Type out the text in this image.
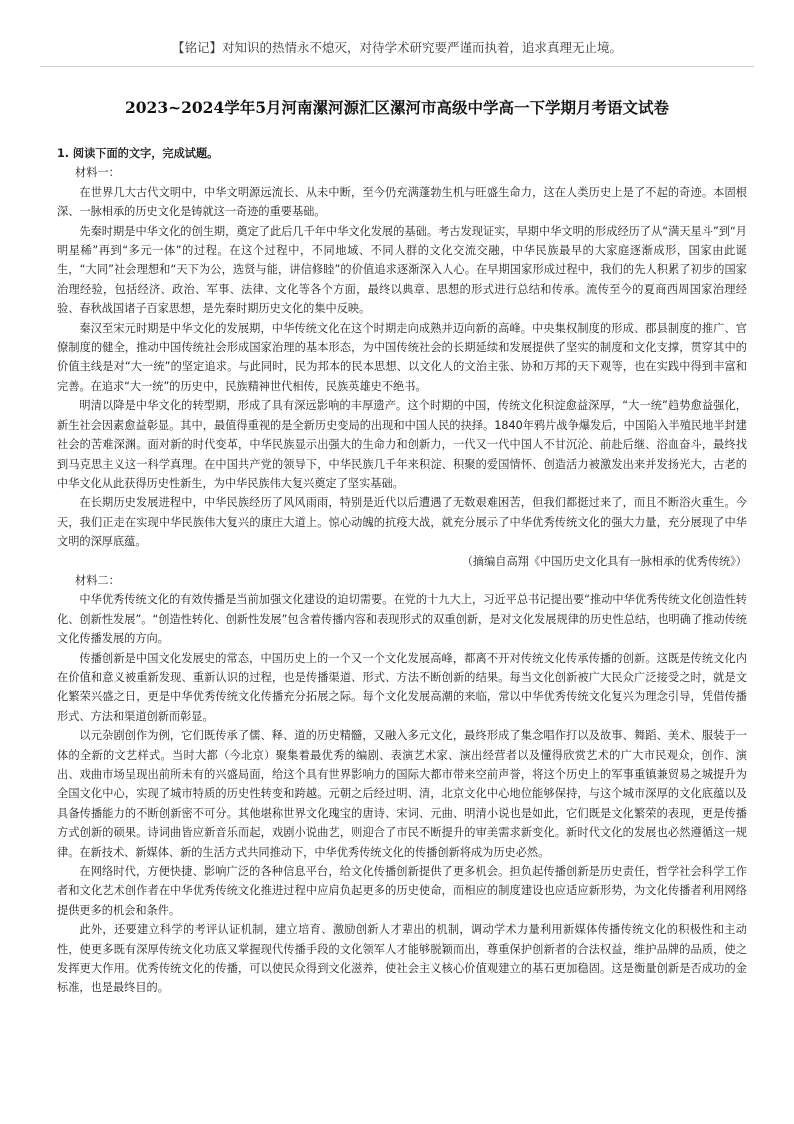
【铭记】对知识的热情永不熄灭，对待学术研究要严谨而执着，追求真理无止境。
2023~2024学年5月河南漯河源汇区漯河市高级中学高一下学期月考语文试卷

1. 阅读下面的文字，完成试题。

材料一：

在世界几大古代文明中，中华文明源远流长、从未中断，至今仍充满蓬勃生机与旺盛生命力，这在人类历史上是了不起的奇迹。本固根深、一脉相承的历史文化是铸就这一奇迹的重要基础。

先秦时期是中华文化的创生期，奠定了此后几千年中华文化发展的基础。考古发现证实，早期中华文明的形成经历了从“满天星斗”到“月明星稀”再到“多元一体”的过程。在这个过程中，不同地域、不同人群的文化交流交融，中华民族最早的大家庭逐渐成形，国家由此诞生，“大同”社会理想和“天下为公，选贤与能，讲信修睦”的价值追求逐渐深入人心。在早期国家形成过程中，我们的先人积累了初步的国家治理经验，包括经济、政治、军事、法律、文化等各个方面，最终以典章、思想的形式进行总结和传承。流传至今的夏商西周国家治理经验、春秋战国诸子百家思想，是先秦时期历史文化的集中反映。

秦汉至宋元时期是中华文化的发展期，中华传统文化在这个时期走向成熟并迈向新的高峰。中央集权制度的形成、郡县制度的推广、官僚制度的健全，推动中国传统社会形成国家治理的基本形态，为中国传统社会的长期延续和发展提供了坚实的制度和文化支撑，贯穿其中的价值主线是对“大一统”的坚定追求。与此同时，民为邦本的民本思想、以文化人的文治主张、协和万邦的天下观等，也在实践中得到丰富和完善。在追求“大一统”的历史中，民族精神世代相传，民族英雄史不绝书。

明清以降是中华文化的转型期，形成了具有深远影响的丰厚遗产。这个时期的中国，传统文化积淀愈益深厚，“大一统”趋势愈益强化，新生社会因素愈益彰显。其中，最值得重视的是全新历史变局的出现和中国人民的抉择。1840年鸦片战争爆发后，中国陷入半殖民地半封建社会的苦难深渊。面对新的时代变革，中华民族显示出强大的生命力和创新力，一代又一代中国人不甘沉沦、前赴后继、浴血奋斗，最终找到马克思主义这一科学真理。在中国共产党的领导下，中华民族几千年来积淀、积聚的爱国情怀、创造活力被激发出来并发扬光大，古老的中华文化从此获得历史性新生，为中华民族伟大复兴奠定了坚实基础。

在长期历史发展进程中，中华民族经历了风风雨雨，特别是近代以后遭遇了无数艰难困苦，但我们都挺过来了，而且不断浴火重生。今天，我们正走在实现中华民族伟大复兴的康庄大道上。惊心动魄的抗疫大战，就充分展示了中华优秀传统文化的强大力量，充分展现了中华文明的深厚底蕴。

（摘编自高翔《中国历史文化具有一脉相承的优秀传统》）

材料二：

中华优秀传统文化的有效传播是当前加强文化建设的迫切需要。在党的十九大上，习近平总书记提出要“推动中华优秀传统文化创造性转化、创新性发展”。“创造性转化、创新性发展”包含着传播内容和表现形式的双重创新，是对文化发展规律的历史性总结，也明确了推动传统文化传播发展的方向。

传播创新是中国文化发展史的常态，中国历史上的一个又一个文化发展高峰，都离不开对传统文化传承传播的创新。这既是传统文化内在价值和意义被重新发现、重新认识的过程，也是传播渠道、形式、方法不断创新的结果。每当文化创新被广大民众广泛接受之时，就是文化繁荣兴盛之日，更是中华优秀传统文化传播充分拓展之际。每个文化发展高潮的来临，常以中华优秀传统文化复兴为理念引导，凭借传播形式、方法和渠道创新而彰显。

以元杂剧创作为例，它们既传承了儒、释、道的历史精髓，又融入多元文化，最终形成了集念唱作打以及故事、舞蹈、美术、服装于一体的全新的文艺样式。当时大都（今北京）聚集着最优秀的编剧、表演艺术家、演出经营者以及懂得欣赏艺术的广大市民观众，创作、演出、戏曲市场呈现出前所未有的兴盛局面，给这个具有世界影响力的国际大都市带来空前声誉，将这个历史上的军事重镇兼贸易之城提升为全国文化中心，实现了城市特质的历史性转变和跨越。元朝之后经过明、清，北京文化中心地位能够保持，与这个城市深厚的文化底蕴以及具备传播能力的不断创新密不可分。其他堪称世界文化瑰宝的唐诗、宋词、元曲、明清小说也是如此，它们既是文化繁荣的表现，更是传播方式创新的硕果。诗词曲皆应新音乐而起，戏剧小说曲艺，则迎合了市民不断提升的审美需求新变化。新时代文化的发展也必然遵循这一规律。在新技术、新媒体、新的生活方式共同推动下，中华优秀传统文化的传播创新将成为历史必然。

在网络时代，方便快捷、影响广泛的各种信息平台，给文化传播创新提供了更多机会。担负起传播创新是历史责任，哲学社会科学工作者和文化艺术创作者在中华优秀传统文化推进过程中应肩负起更多的历史使命，而相应的制度建设也应适应新形势，为文化传播者利用网络提供更多的机会和条件。

此外，还要建立科学的考评认证机制，建立培育、激励创新人才辈出的机制，调动学术力量利用新媒体传播传统文化的积极性和主动性，使更多既有深厚传统文化功底又掌握现代传播手段的文化领军人才能够脱颖而出，尊重保护创新者的合法权益，维护品牌的品质，使之发挥更大作用。优秀传统文化的传播，可以使民众得到文化滋养，使社会主义核心价值观建立的基石更加稳固。这是衡量创新是否成功的金标准，也是最终目的。
